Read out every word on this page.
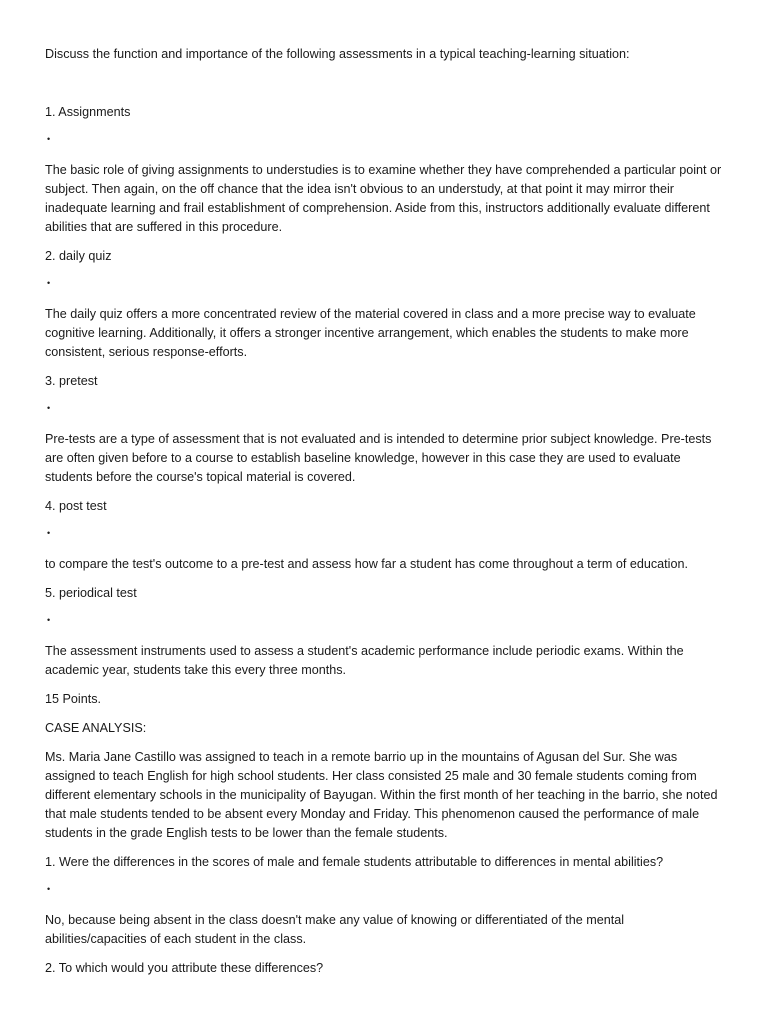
Discuss the function and importance of the following assessments in a typical teaching-learning situation:

1. Assignments

•

The basic role of giving assignments to understudies is to examine whether they have comprehended a particular point or subject. Then again, on the off chance that the idea isn't obvious to an understudy, at that point it may mirror their inadequate learning and frail establishment of comprehension. Aside from this, instructors additionally evaluate different abilities that are suffered in this procedure.

2. daily quiz

•

The daily quiz offers a more concentrated review of the material covered in class and a more precise way to evaluate cognitive learning. Additionally, it offers a stronger incentive arrangement, which enables the students to make more consistent, serious response-efforts.

3. pretest

•

Pre-tests are a type of assessment that is not evaluated and is intended to determine prior subject knowledge. Pre-tests are often given before to a course to establish baseline knowledge, however in this case they are used to evaluate students before the course's topical material is covered.

4. post test

•

to compare the test's outcome to a pre-test and assess how far a student has come throughout a term of education.

5. periodical test

•

The assessment instruments used to assess a student's academic performance include periodic exams. Within the academic year, students take this every three months.

15 Points.

CASE ANALYSIS:

Ms. Maria Jane Castillo was assigned to teach in a remote barrio up in the mountains of Agusan del Sur. She was assigned to teach English for high school students. Her class consisted 25 male and 30 female students coming from different elementary schools in the municipality of Bayugan. Within the first month of her teaching in the barrio, she noted that male students tended to be absent every Monday and Friday. This phenomenon caused the performance of male students in the grade English tests to be lower than the female students.

1. Were the differences in the scores of male and female students attributable to differences in mental abilities?

•

No, because being absent in the class doesn't make any value of knowing or differentiated of the mental abilities/capacities of each student in the class.

2. To which would you attribute these differences?
